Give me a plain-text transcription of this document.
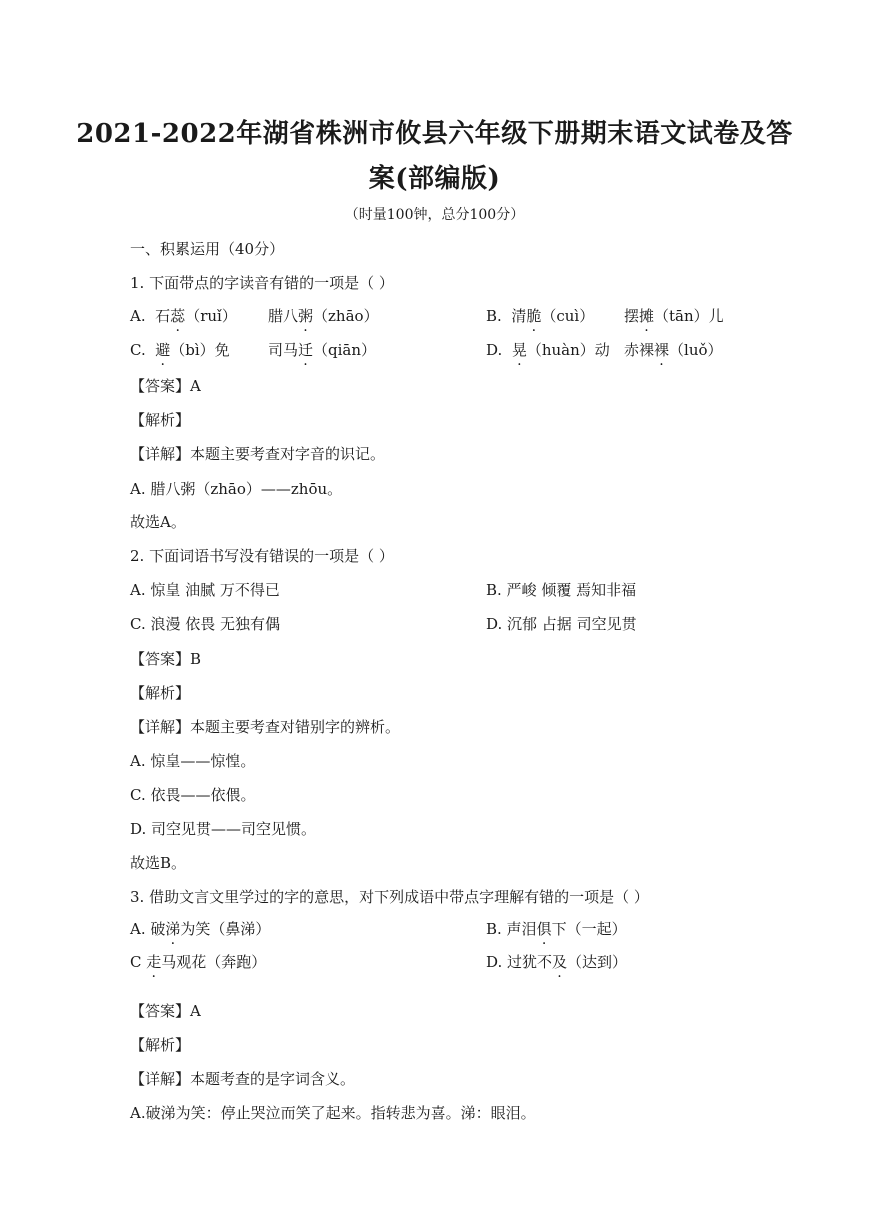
2021-2022年湖省株洲市攸县六年级下册期末语文试卷及答
案(部编版)
（时量100钟，总分100分）
一、积累运用（40分）
1. 下面带点的字读音有错的一项是（ ）
A. 石蕊（ruǐ） 腊八粥（zhāo）	B. 清脆（cuì） 摆摊（tān）儿
C. 避（bì）免	司马迁（qiān）	D. 晃（huàn）动 赤裸裸（luǒ）
【答案】A
【解析】
【详解】本题主要考查对字音的识记。
A. 腊八粥（zhāo）——zhōu。
故选A。
2. 下面词语书写没有错误的一项是（ ）
A. 惊皇 油腻 万不得已	B. 严峻 倾覆 焉知非福
C. 浪漫 依畏 无独有偶	D. 沉郁 占据 司空见贯
【答案】B
【解析】
【详解】本题主要考查对错别字的辨析。
A. 惊皇——惊惶。
C. 依畏——依偎。
D. 司空见贯——司空见惯。
故选B。
3. 借助文言文里学过的字的意思，对下列成语中带点字理解有错的一项是（ ）
A. 破涕为笑（鼻涕）	B. 声泪俱下（一起）
C 走马观花（奔跑）	D. 过犹不及（达到）
【答案】A
【解析】
【详解】本题考查的是字词含义。
A.破涕为笑：停止哭泣而笑了起来。指转悲为喜。涕：眼泪。
